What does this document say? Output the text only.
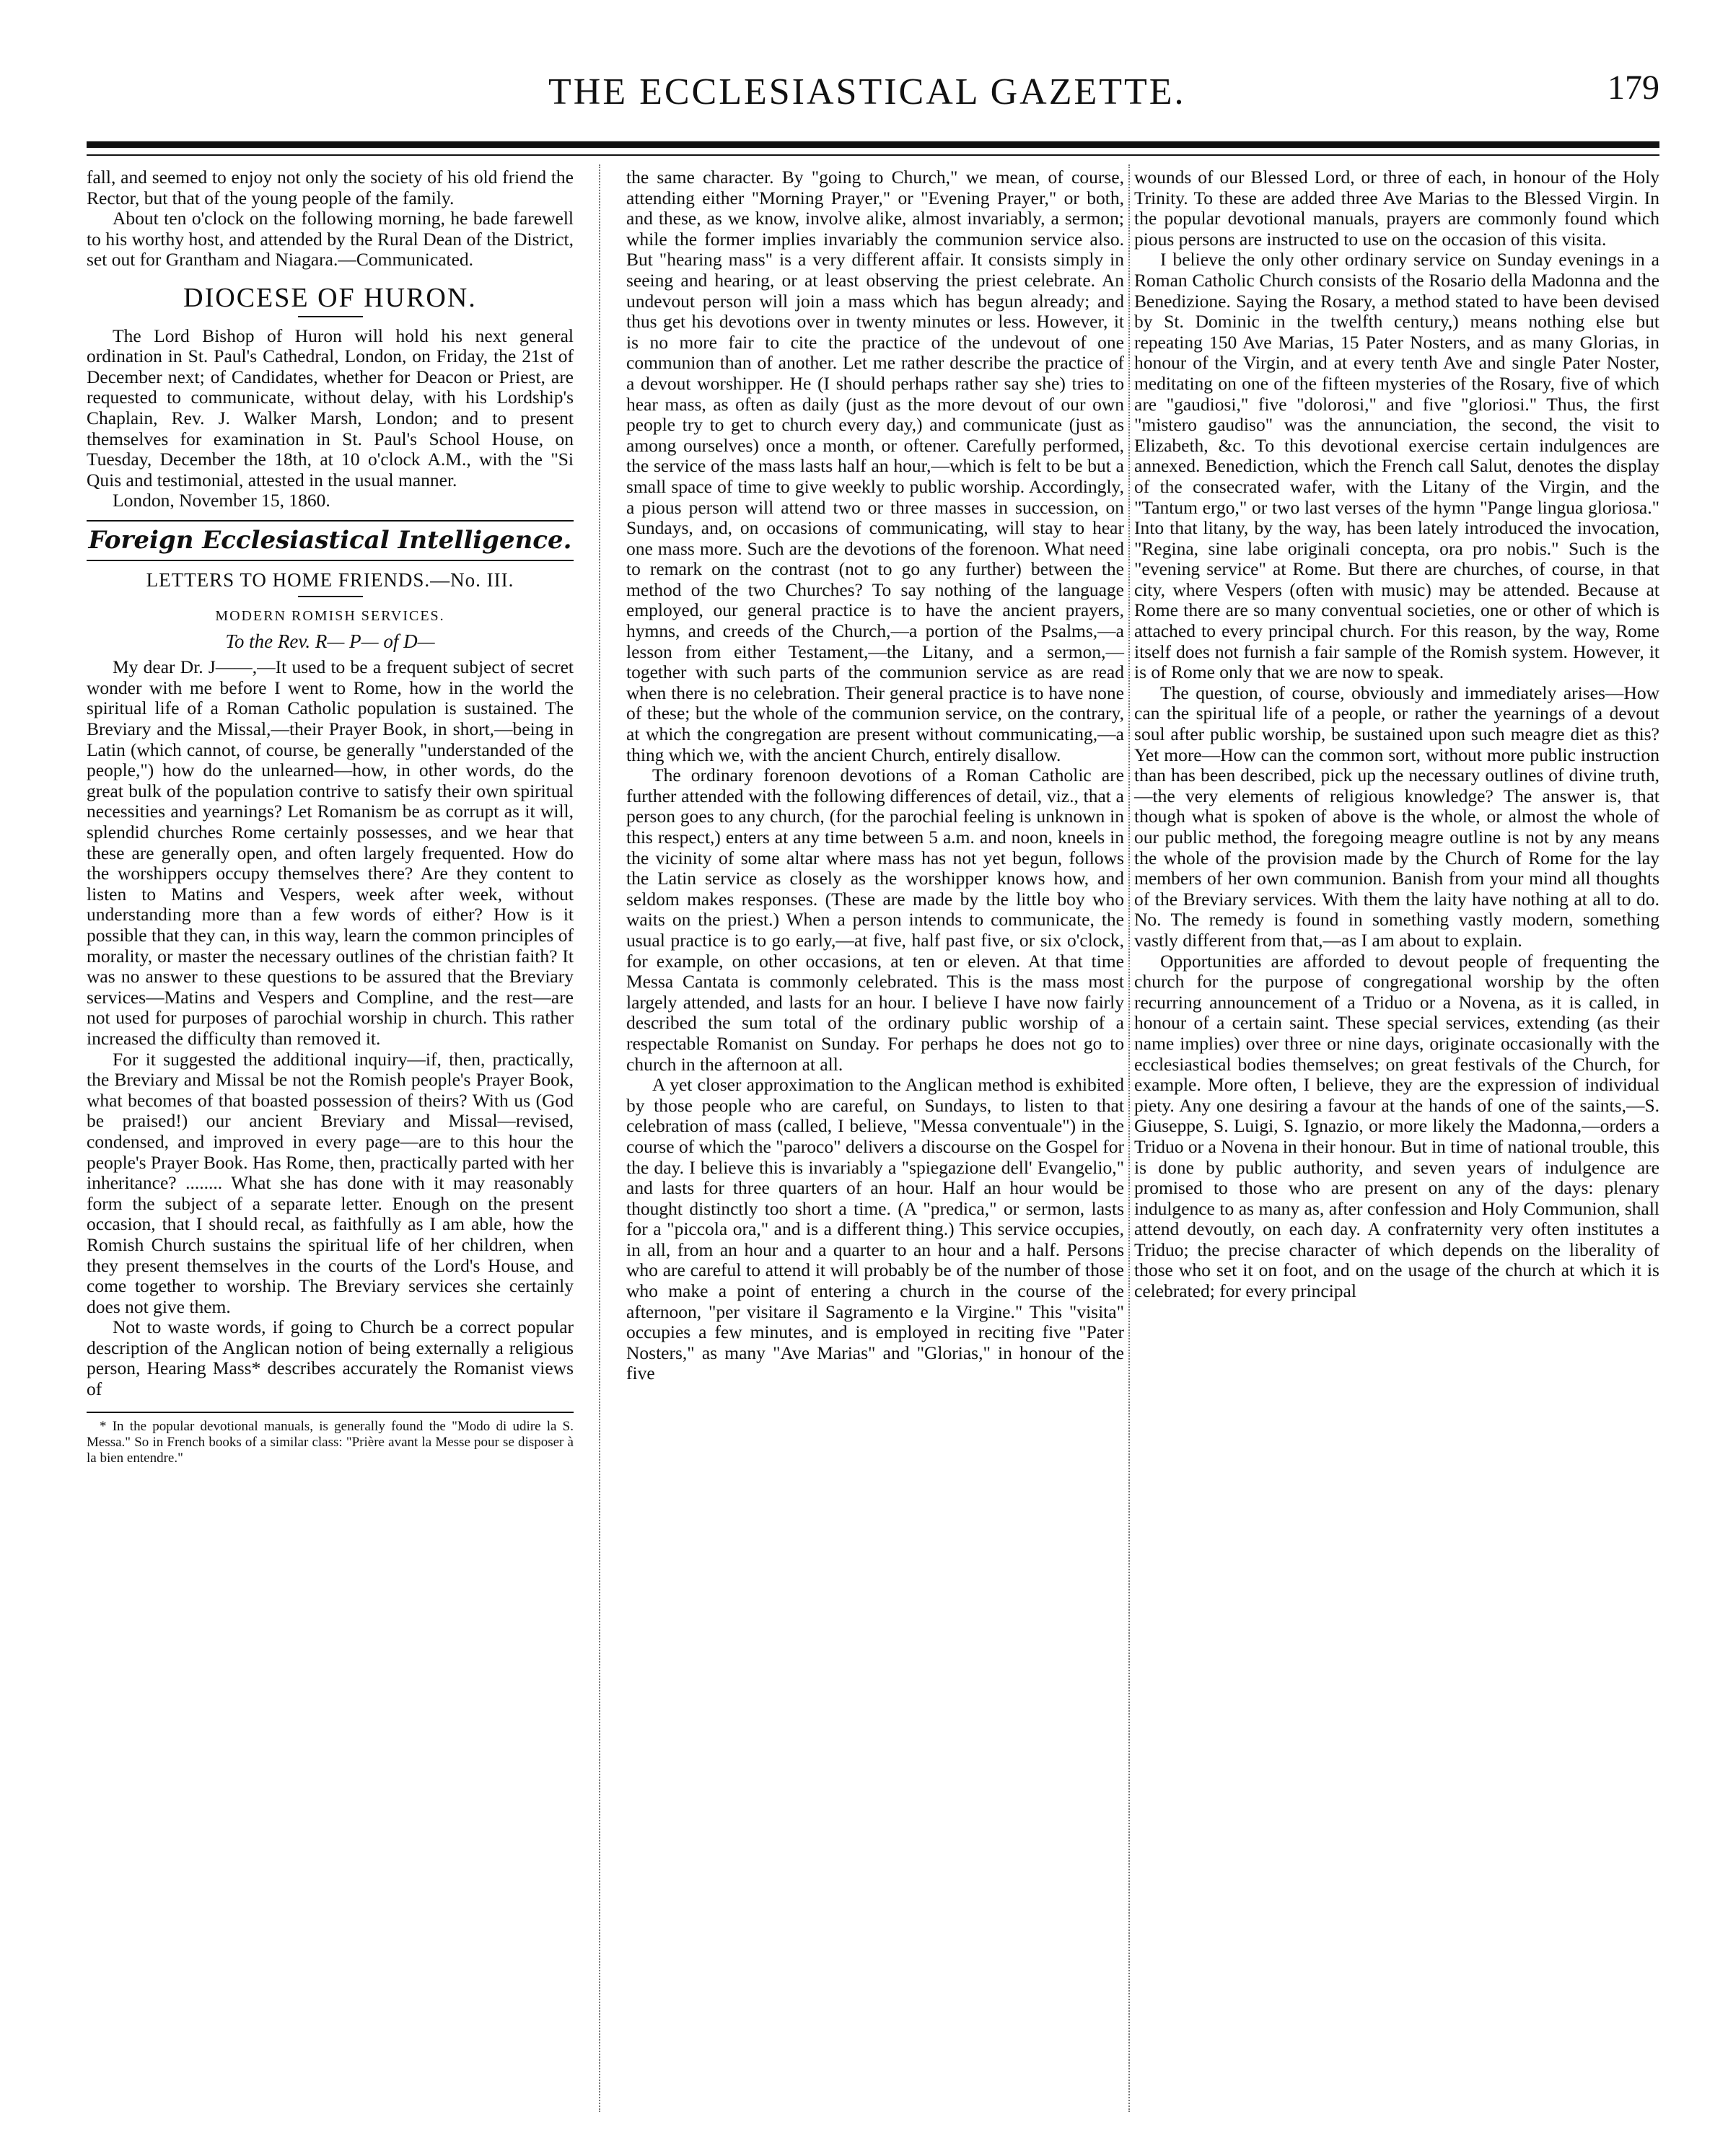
THE ECCLESIASTICAL GAZETTE.	179

fall, and seemed to enjoy not only the society of his old friend the Rector, but that of the young people of the family.

About ten o'clock on the following morning, he bade farewell to his worthy host, and attended by the Rural Dean of the District, set out for Grantham and Niagara.—Communicated.

DIOCESE OF HURON.

The Lord Bishop of Huron will hold his next general ordination in St. Paul's Cathedral, London, on Friday, the 21st of December next; of Candidates, whether for Deacon or Priest, are requested to communicate, without delay, with his Lordship's Chaplain, Rev. J. Walker Marsh, London; and to present themselves for examination in St. Paul's School House, on Tuesday, December the 18th, at 10 o'clock A.M., with the "Si Quis and testimonial, attested in the usual manner.

London, November 15, 1860.

Foreign Ecclesiastical Intelligence.
LETTERS TO HOME FRIENDS.—No. III.
MODERN ROMISH SERVICES.
To the Rev. R— P— of D—

My dear Dr. J——,—It used to be a frequent subject of secret wonder with me before I went to Rome, how in the world the spiritual life of a Roman Catholic population is sustained. The Breviary and the Missal,—their Prayer Book, in short,—being in Latin (which cannot, of course, be generally "understanded of the people,") how do the unlearned—how, in other words, do the great bulk of the population contrive to satisfy their own spiritual necessities and yearnings? Let Romanism be as corrupt as it will, splendid churches Rome certainly possesses, and we hear that these are generally open, and often largely frequented. How do the worshippers occupy themselves there? Are they content to listen to Matins and Vespers, week after week, without understanding more than a few words of either? How is it possible that they can, in this way, learn the common principles of morality, or master the necessary outlines of the christian faith? It was no answer to these questions to be assured that the Breviary services—Matins and Vespers and Compline, and the rest—are not used for purposes of parochial worship in church. This rather increased the difficulty than removed it.

For it suggested the additional inquiry—if, then, practically, the Breviary and Missal be not the Romish people's Prayer Book, what becomes of that boasted possession of theirs? With us (God be praised!) our ancient Breviary and Missal—revised, condensed, and improved in every page—are to this hour the people's Prayer Book. Has Rome, then, practically parted with her inheritance? ........ What she has done with it may reasonably form the subject of a separate letter. Enough on the present occasion, that I should recal, as faithfully as I am able, how the Romish Church sustains the spiritual life of her children, when they present themselves in the courts of the Lord's House, and come together to worship. The Breviary services she certainly does not give them.

Not to waste words, if going to Church be a correct popular description of the Anglican notion of being externally a religious person, Hearing Mass* describes accurately the Romanist views of

* In the popular devotional manuals, is generally found the "Modo di udire la S. Messa." So in French books of a similar class: "Prière avant la Messe pour se disposer à la bien entendre."

the same character. By "going to Church," we mean, of course, attending either "Morning Prayer," or "Evening Prayer," or both, and these, as we know, involve alike, almost invariably, a sermon; while the former implies invariably the communion service also. But "hearing mass" is a very different affair. It consists simply in seeing and hearing, or at least observing the priest celebrate. An undevout person will join a mass which has begun already; and thus get his devotions over in twenty minutes or less. However, it is no more fair to cite the practice of the undevout of one communion than of another. Let me rather describe the practice of a devout worshipper. He (I should perhaps rather say she) tries to hear mass, as often as daily (just as the more devout of our own people try to get to church every day,) and communicate (just as among ourselves) once a month, or oftener. Carefully performed, the service of the mass lasts half an hour,—which is felt to be but a small space of time to give weekly to public worship. Accordingly, a pious person will attend two or three masses in succession, on Sundays, and, on occasions of communicating, will stay to hear one mass more. Such are the devotions of the forenoon. What need to remark on the contrast (not to go any further) between the method of the two Churches? To say nothing of the language employed, our general practice is to have the ancient prayers, hymns, and creeds of the Church,—a portion of the Psalms,—a lesson from either Testament,—the Litany, and a sermon,—together with such parts of the communion service as are read when there is no celebration. Their general practice is to have none of these; but the whole of the communion service, on the contrary, at which the congregation are present without communicating,—a thing which we, with the ancient Church, entirely disallow.

The ordinary forenoon devotions of a Roman Catholic are further attended with the following differences of detail, viz., that a person goes to any church, (for the parochial feeling is unknown in this respect,) enters at any time between 5 a.m. and noon, kneels in the vicinity of some altar where mass has not yet begun, follows the Latin service as closely as the worshipper knows how, and seldom makes responses. (These are made by the little boy who waits on the priest.) When a person intends to communicate, the usual practice is to go early,—at five, half past five, or six o'clock, for example, on other occasions, at ten or eleven. At that time Messa Cantata is commonly celebrated. This is the mass most largely attended, and lasts for an hour. I believe I have now fairly described the sum total of the ordinary public worship of a respectable Romanist on Sunday. For perhaps he does not go to church in the afternoon at all.

A yet closer approximation to the Anglican method is exhibited by those people who are careful, on Sundays, to listen to that celebration of mass (called, I believe, "Messa conventuale") in the course of which the "paroco" delivers a discourse on the Gospel for the day. I believe this is invariably a "spiegazione dell' Evangelio," and lasts for three quarters of an hour. Half an hour would be thought distinctly too short a time. (A "predica," or sermon, lasts for a "piccola ora," and is a different thing.) This service occupies, in all, from an hour and a quarter to an hour and a half. Persons who are careful to attend it will probably be of the number of those who make a point of entering a church in the course of the afternoon, "per visitare il Sagramento e la Virgine." This "visita" occupies a few minutes, and is employed in reciting five "Pater Nosters," as many "Ave Marias" and "Glorias," in honour of the five

wounds of our Blessed Lord, or three of each, in honour of the Holy Trinity. To these are added three Ave Marias to the Blessed Virgin. In the popular devotional manuals, prayers are commonly found which pious persons are instructed to use on the occasion of this visita.

I believe the only other ordinary service on Sunday evenings in a Roman Catholic Church consists of the Rosario della Madonna and the Benedizione. Saying the Rosary, a method stated to have been devised by St. Dominic in the twelfth century,) means nothing else but repeating 150 Ave Marias, 15 Pater Nosters, and as many Glorias, in honour of the Virgin, and at every tenth Ave and single Pater Noster, meditating on one of the fifteen mysteries of the Rosary, five of which are "gaudiosi," five "dolorosi," and five "gloriosi." Thus, the first "mistero gaudiso" was the annunciation, the second, the visit to Elizabeth, &c. To this devotional exercise certain indulgences are annexed. Benediction, which the French call Salut, denotes the display of the consecrated wafer, with the Litany of the Virgin, and the "Tantum ergo," or two last verses of the hymn "Pange lingua gloriosa." Into that litany, by the way, has been lately introduced the invocation, "Regina, sine labe originali concepta, ora pro nobis." Such is the "evening service" at Rome. But there are churches, of course, in that city, where Vespers (often with music) may be attended. Because at Rome there are so many conventual societies, one or other of which is attached to every principal church. For this reason, by the way, Rome itself does not furnish a fair sample of the Romish system. However, it is of Rome only that we are now to speak.

The question, of course, obviously and immediately arises—How can the spiritual life of a people, or rather the yearnings of a devout soul after public worship, be sustained upon such meagre diet as this? Yet more—How can the common sort, without more public instruction than has been described, pick up the necessary outlines of divine truth,—the very elements of religious knowledge? The answer is, that though what is spoken of above is the whole, or almost the whole of our public method, the foregoing meagre outline is not by any means the whole of the provision made by the Church of Rome for the lay members of her own communion. Banish from your mind all thoughts of the Breviary services. With them the laity have nothing at all to do. No. The remedy is found in something vastly modern, something vastly different from that,—as I am about to explain.

Opportunities are afforded to devout people of frequenting the church for the purpose of congregational worship by the often recurring announcement of a Triduo or a Novena, as it is called, in honour of a certain saint. These special services, extending (as their name implies) over three or nine days, originate occasionally with the ecclesiastical bodies themselves; on great festivals of the Church, for example. More often, I believe, they are the expression of individual piety. Any one desiring a favour at the hands of one of the saints,—S. Giuseppe, S. Luigi, S. Ignazio, or more likely the Madonna,—orders a Triduo or a Novena in their honour. But in time of national trouble, this is done by public authority, and seven years of indulgence are promised to those who are present on any of the days: plenary indulgence to as many as, after confession and Holy Communion, shall attend devoutly, on each day. A confraternity very often institutes a Triduo; the precise character of which depends on the liberality of those who set it on foot, and on the usage of the church at which it is celebrated; for every principal
